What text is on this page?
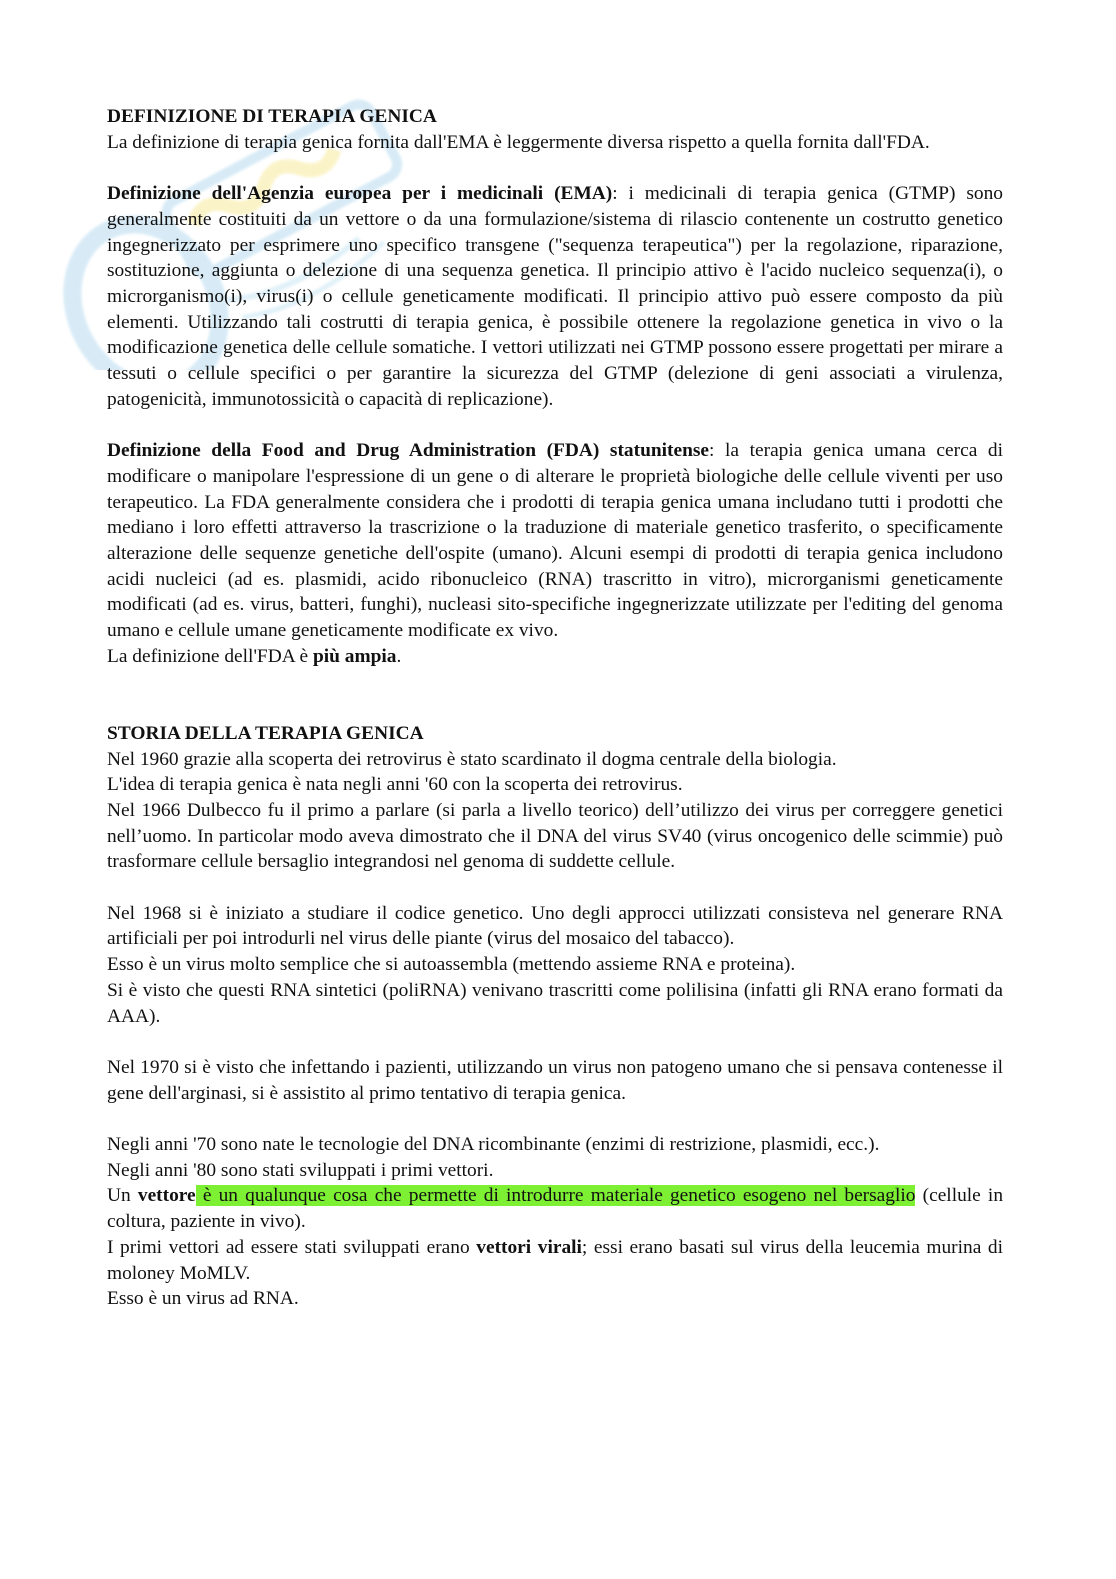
DEFINIZIONE DI TERAPIA GENICA

La definizione di terapia genica fornita dall'EMA è leggermente diversa rispetto a quella fornita dall'FDA.

Definizione dell'Agenzia europea per i medicinali (EMA): i medicinali di terapia genica (GTMP) sono generalmente costituiti da un vettore o da una formulazione/sistema di rilascio contenente un costrutto genetico ingegnerizzato per esprimere uno specifico transgene ("sequenza terapeutica") per la regolazione, riparazione, sostituzione, aggiunta o delezione di una sequenza genetica. Il principio attivo è l'acido nucleico sequenza(i), o microrganismo(i), virus(i) o cellule geneticamente modificati. Il principio attivo può essere composto da più elementi. Utilizzando tali costrutti di terapia genica, è possibile ottenere la regolazione genetica in vivo o la modificazione genetica delle cellule somatiche. I vettori utilizzati nei GTMP possono essere progettati per mirare a tessuti o cellule specifici o per garantire la sicurezza del GTMP (delezione di geni associati a virulenza, patogenicità, immunotossicità o capacità di replicazione).

Definizione della Food and Drug Administration (FDA) statunitense: la terapia genica umana cerca di modificare o manipolare l'espressione di un gene o di alterare le proprietà biologiche delle cellule viventi per uso terapeutico. La FDA generalmente considera che i prodotti di terapia genica umana includano tutti i prodotti che mediano i loro effetti attraverso la trascrizione o la traduzione di materiale genetico trasferito, o specificamente alterazione delle sequenze genetiche dell'ospite (umano). Alcuni esempi di prodotti di terapia genica includono acidi nucleici (ad es. plasmidi, acido ribonucleico (RNA) trascritto in vitro), microrganismi geneticamente modificati (ad es. virus, batteri, funghi), nucleasi sito-specifiche ingegnerizzate utilizzate per l'editing del genoma umano e cellule umane geneticamente modificate ex vivo.

La definizione dell'FDA è più ampia.

STORIA DELLA TERAPIA GENICA

Nel 1960 grazie alla scoperta dei retrovirus è stato scardinato il dogma centrale della biologia.

L'idea di terapia genica è nata negli anni '60 con la scoperta dei retrovirus.

Nel 1966 Dulbecco fu il primo a parlare (si parla a livello teorico) dell’utilizzo dei virus per correggere genetici nell’uomo. In particolar modo aveva dimostrato che il DNA del virus SV40 (virus oncogenico delle scimmie) può trasformare cellule bersaglio integrandosi nel genoma di suddette cellule.

Nel 1968 si è iniziato a studiare il codice genetico. Uno degli approcci utilizzati consisteva nel generare RNA artificiali per poi introdurli nel virus delle piante (virus del mosaico del tabacco).

Esso è un virus molto semplice che si autoassembla (mettendo assieme RNA e proteina).

Si è visto che questi RNA sintetici (poliRNA) venivano trascritti come polilisina (infatti gli RNA erano formati da AAA).

Nel 1970 si è visto che infettando i pazienti, utilizzando un virus non patogeno umano che si pensava contenesse il gene dell'arginasi, si è assistito al primo tentativo di terapia genica.

Negli anni '70 sono nate le tecnologie del DNA ricombinante (enzimi di restrizione, plasmidi, ecc.).

Negli anni '80 sono stati sviluppati i primi vettori.

Un vettore è un qualunque cosa che permette di introdurre materiale genetico esogeno nel bersaglio (cellule in coltura, paziente in vivo).

I primi vettori ad essere stati sviluppati erano vettori virali; essi erano basati sul virus della leucemia murina di moloney MoMLV.

Esso è un virus ad RNA.
